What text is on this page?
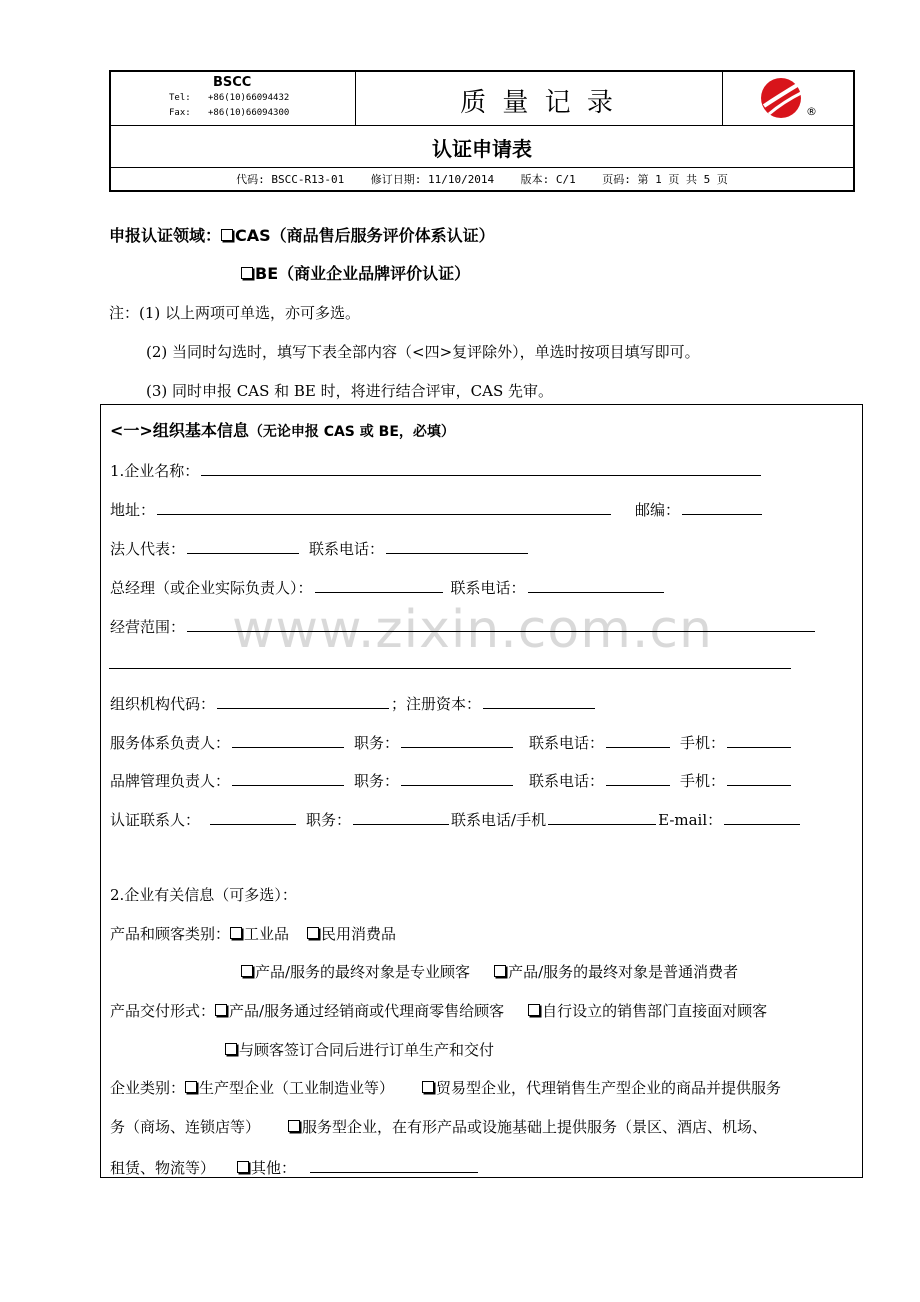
www.zixin.com.cn
BSCC
Tel: +86(10)66094432
Fax: +86(10)66094300	质 量 记 录	®
认证申请表
代码: BSCC-R13-01    修订日期: 11/10/2014    版本: C/1    页码: 第 1 页 共 5 页
申报认证领域： CAS（商品售后服务评价体系认证）
BE（商业企业品牌评价认证）
注：(1) 以上两项可单选，亦可多选。
(2) 当同时勾选时，填写下表全部内容（<四>复评除外），单选时按项目填写即可。
(3) 同时申报 CAS 和 BE 时，将进行结合评审，CAS 先审。
<一>组织基本信息（无论申报 CAS 或 BE，必填）
1.企业名称：
地址：	邮编：
法人代表：	联系电话：
总经理（或企业实际负责人）：	联系电话：
经营范围：
组织机构代码：	；注册资本：
服务体系负责人：	职务：	联系电话：	手机：
品牌管理负责人：	职务：	联系电话：	手机：
认证联系人：	职务：	联系电话/手机	E-mail：
2.企业有关信息（可多选）：
产品和顾客类别： 工业品 民用消费品
产品/服务的最终对象是专业顾客	产品/服务的最终对象是普通消费者
产品交付形式： 产品/服务通过经销商或代理商零售给顾客	自行设立的销售部门直接面对顾客
与顾客签订合同后进行订单生产和交付
企业类别： 生产型企业（工业制造业等）	贸易型企业，代理销售生产型企业的商品并提供服务
务（商场、连锁店等）	服务型企业，在有形产品或设施基础上提供服务（景区、酒店、机场、
租赁、物流等） 其他：
